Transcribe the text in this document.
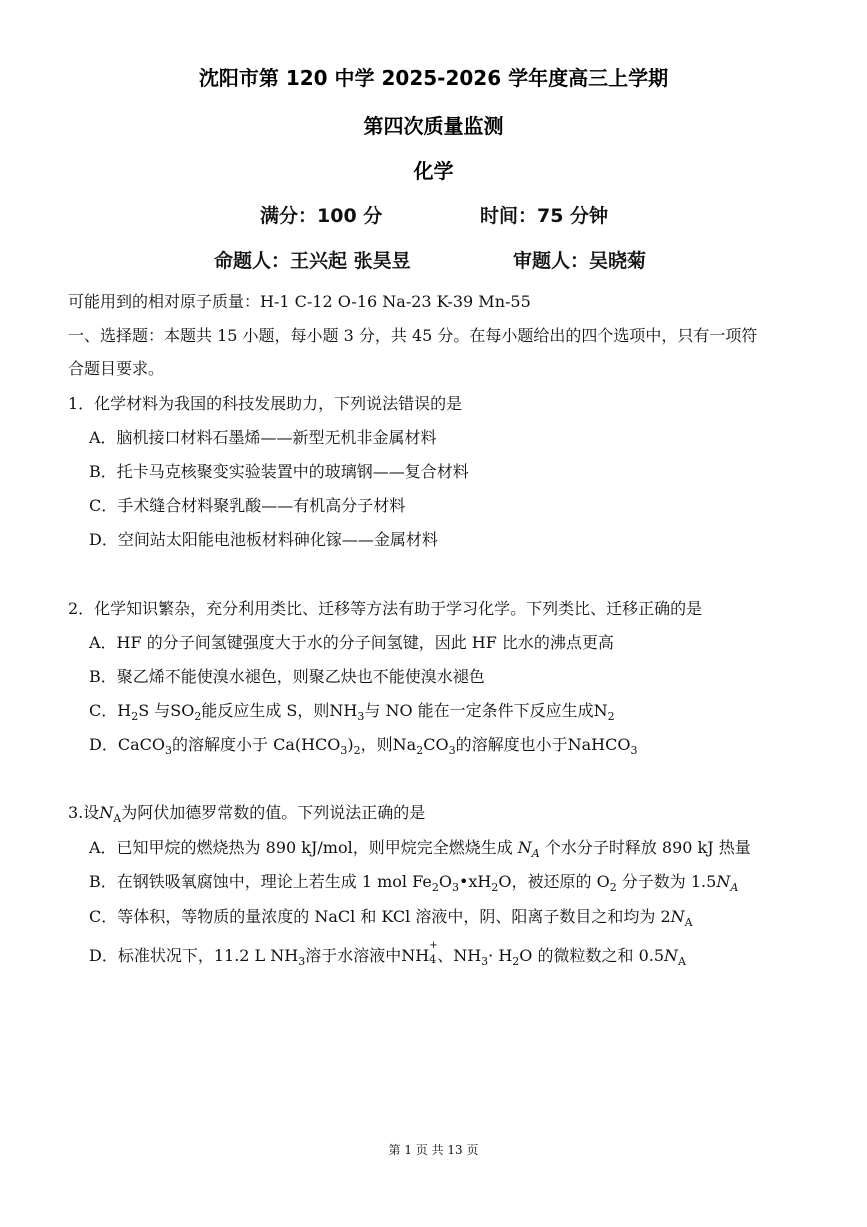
沈阳市第 120 中学 2025-2026 学年度高三上学期
第四次质量监测
化学
满分：100 分	时间：75 分钟
命题人：王兴起 张昊昱	审题人：吴晓菊
可能用到的相对原子质量：H-1 C-12 O-16 Na-23 K-39 Mn-55
一、选择题：本题共 15 小题，每小题 3 分，共 45 分。在每小题给出的四个选项中，只有一项符
合题目要求。
1．化学材料为我国的科技发展助力，下列说法错误的是
A．脑机接口材料石墨烯——新型无机非金属材料
B．托卡马克核聚变实验装置中的玻璃钢——复合材料
C．手术缝合材料聚乳酸——有机高分子材料
D．空间站太阳能电池板材料砷化镓——金属材料
2．化学知识繁杂，充分利用类比、迁移等方法有助于学习化学。下列类比、迁移正确的是
A．HF 的分子间氢键强度大于水的分子间氢键，因此 HF 比水的沸点更高
B．聚乙烯不能使溴水褪色，则聚乙炔也不能使溴水褪色
C．$H_2S$ 与$SO_2$能反应生成 S，则$NH_3$与 NO 能在一定条件下反应生成$N_2$
D．CaCO$_3$的溶解度小于 $Ca(HCO_3)_2$，则$Na_2CO_3$的溶解度也小于NaHCO$_3$
3.设$N_A$为阿伏加德罗常数的值。下列说法正确的是
A．已知甲烷的燃烧热为 890 kJ/mol，则甲烷完全燃烧生成 $N_A$ 个水分子时释放 890 kJ 热量
B．在钢铁吸氧腐蚀中，理论上若生成 1 mol $Fe_2O_3•xH_2O$，被还原的 $O_2$ 分子数为 $1.5N_A$
C．等体积，等物质的量浓度的 NaCl 和 KCl 溶液中，阴、阳离子数目之和均为 $2N_A$
D．标准状况下，11.2 L $NH_3$溶于水溶液中NH
+
4 、$NH_3\cdot H_2O$ 的微粒数之和 $0.5N_A$
第 1 页 共 13 页
